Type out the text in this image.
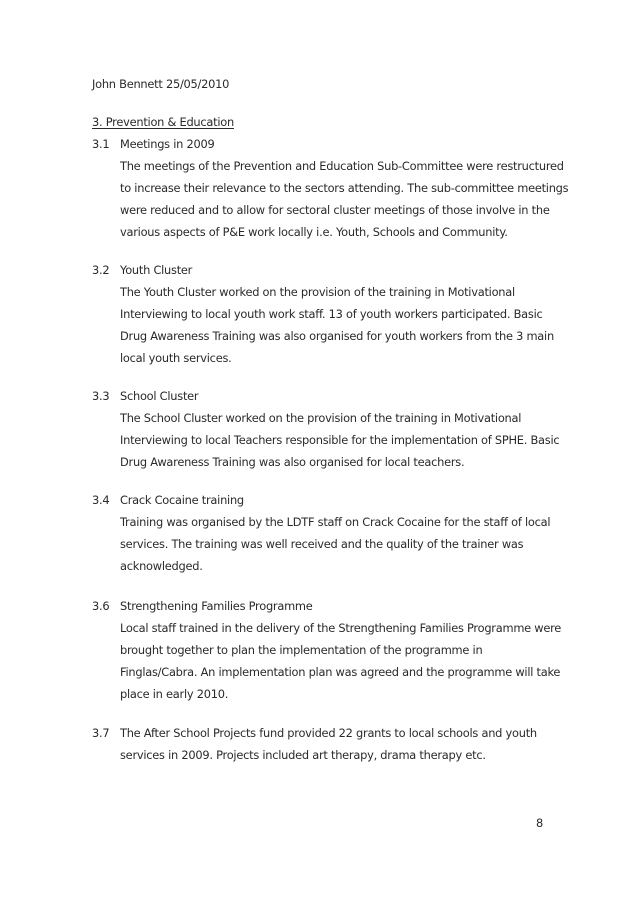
John Bennett 25/05/2010
3. Prevention & Education
3.1 Meetings in 2009
The meetings of the Prevention and Education Sub-Committee were restructured
to increase their relevance to the sectors attending. The sub-committee meetings
were reduced and to allow for sectoral cluster meetings of those involve in the
various aspects of P&E work locally i.e. Youth, Schools and Community.
3.2 Youth Cluster
The Youth Cluster worked on the provision of the training in Motivational
Interviewing to local youth work staff. 13 of youth workers participated. Basic
Drug Awareness Training was also organised for youth workers from the 3 main
local youth services.
3.3 School Cluster
The School Cluster worked on the provision of the training in Motivational
Interviewing to local Teachers responsible for the implementation of SPHE. Basic
Drug Awareness Training was also organised for local teachers.
3.4 Crack Cocaine training
Training was organised by the LDTF staff on Crack Cocaine for the staff of local
services. The training was well received and the quality of the trainer was
acknowledged.
3.6 Strengthening Families Programme
Local staff trained in the delivery of the Strengthening Families Programme were
brought together to plan the implementation of the programme in
Finglas/Cabra. An implementation plan was agreed and the programme will take
place in early 2010.
3.7 The After School Projects fund provided 22 grants to local schools and youth
services in 2009. Projects included art therapy, drama therapy etc.
8
